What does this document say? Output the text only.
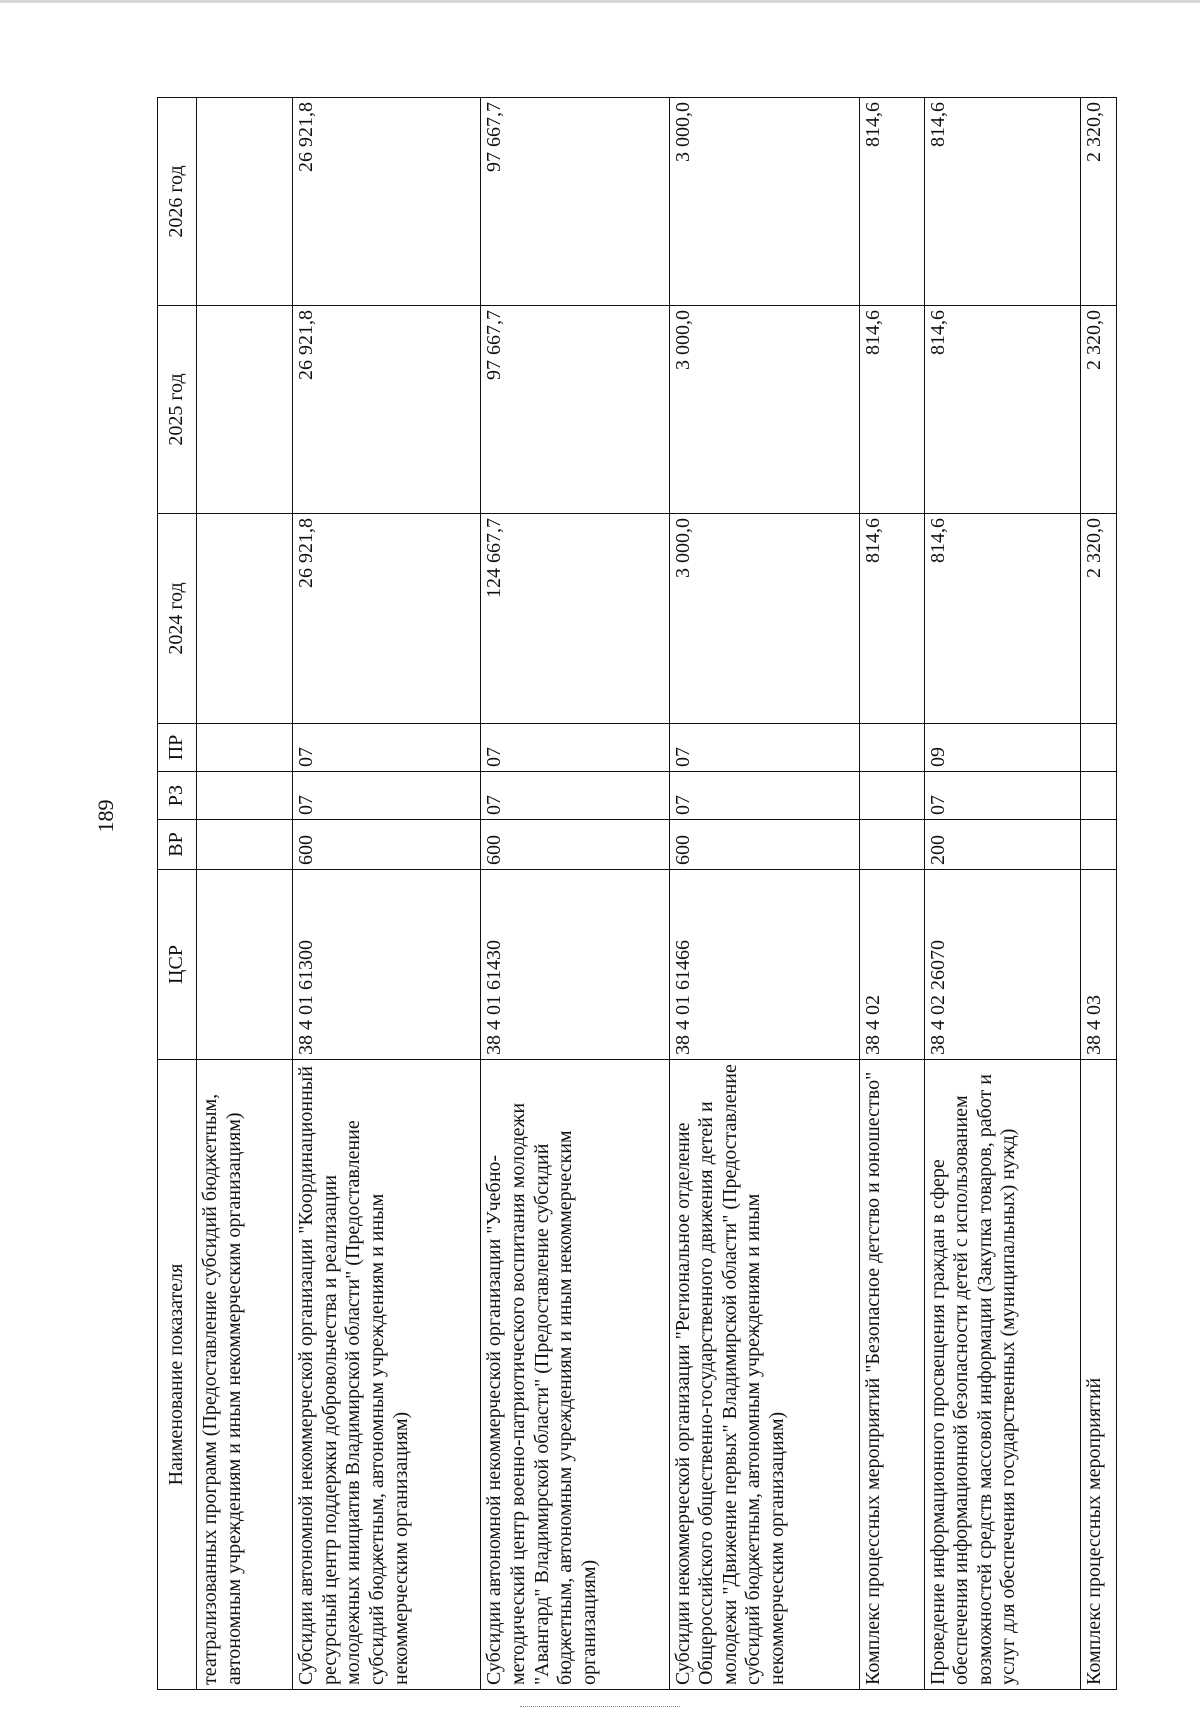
189
Наименование показателя	ЦСР	ВР	РЗ	ПР	2024 год	2025 год	2026 год
театрализованных программ (Предоставление субсидий бюджетным, автономным учреждениям и иным некоммерческим организациям)							
Субсидии автономной некоммерческой организации "Координационный ресурсный центр поддержки добровольчества и реализации молодежных инициатив Владимирской области" (Предоставление субсидий бюджетным, автономным учреждениям и иным некоммерческим организациям)	38 4 01 61300	600	07	07	26 921,8	26 921,8	26 921,8
Субсидии автономной некоммерческой организации "Учебно-методический центр военно-патриотического воспитания молодежи "Авангард" Владимирской области" (Предоставление субсидий бюджетным, автономным учреждениям и иным некоммерческим организациям)	38 4 01 61430	600	07	07	124 667,7	97 667,7	97 667,7
Субсидии некоммерческой организации "Региональное отделение Общероссийского общественно-государственного движения детей и молодежи "Движение первых" Владимирской области" (Предоставление субсидий бюджетным, автономным учреждениям и иным некоммерческим организациям)	38 4 01 61466	600	07	07	3 000,0	3 000,0	3 000,0
Комплекс процессных мероприятий "Безопасное детство и юношество"	38 4 02				814,6	814,6	814,6
Проведение информационного просвещения граждан в сфере обеспечения информационной безопасности детей с использованием возможностей средств массовой информации (Закупка товаров, работ и услуг для обеспечения государственных (муниципальных) нужд)	38 4 02 26070	200	07	09	814,6	814,6	814,6
Комплекс процессных мероприятий	38 4 03				2 320,0	2 320,0	2 320,0
